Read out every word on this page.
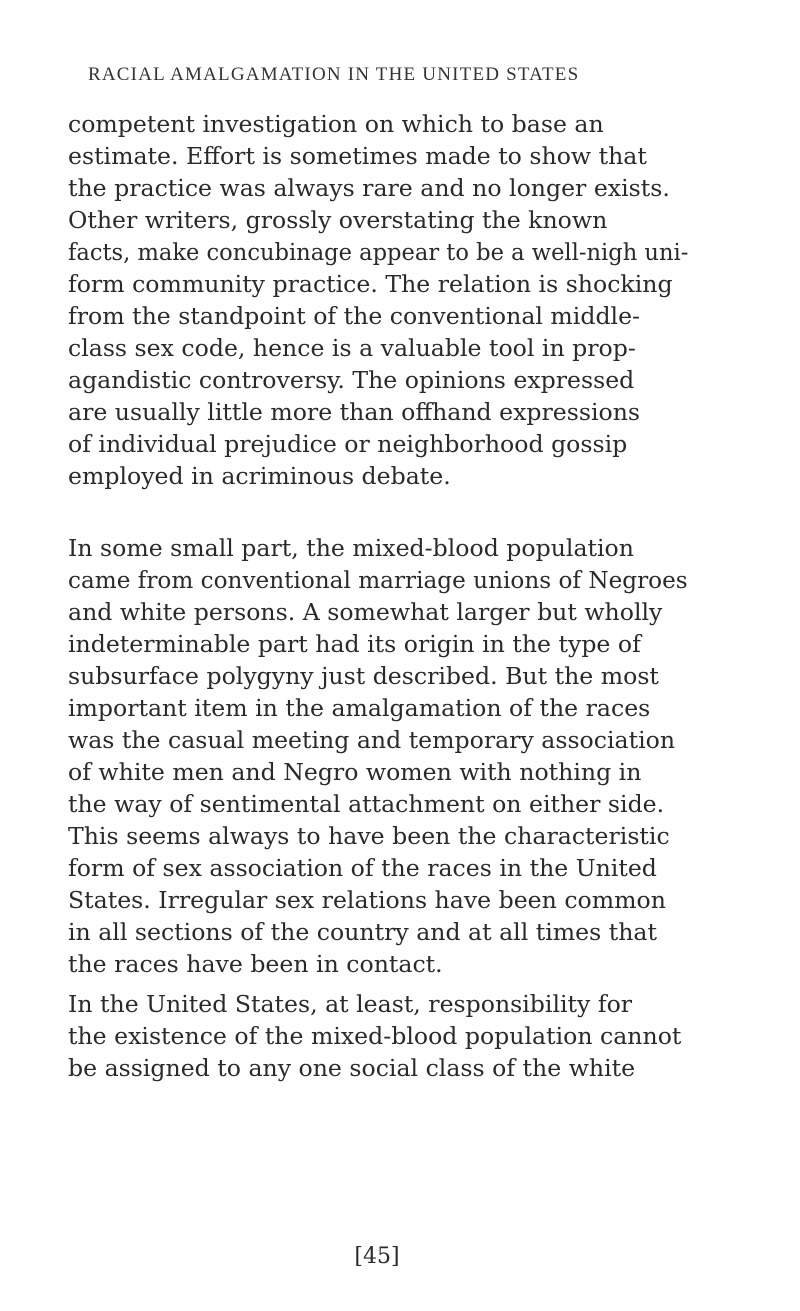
RACIAL AMALGAMATION IN THE UNITED STATES
competent investigation on which to base an
estimate. Effort is sometimes made to show that
the practice was always rare and no longer exists.
Other writers, grossly overstating the known
facts, make concubinage appear to be a well-nigh uni-
form community practice. The relation is shocking
from the standpoint of the conventional middle-
class sex code, hence is a valuable tool in prop-
agandistic controversy. The opinions expressed
are usually little more than offhand expressions
of individual prejudice or neighborhood gossip
employed in acriminous debate.
In some small part, the mixed-blood population
came from conventional marriage unions of Negroes
and white persons. A somewhat larger but wholly
indeterminable part had its origin in the type of
subsurface polygyny just described. But the most
important item in the amalgamation of the races
was the casual meeting and temporary association
of white men and Negro women with nothing in
the way of sentimental attachment on either side.
This seems always to have been the characteristic
form of sex association of the races in the United
States. Irregular sex relations have been common
in all sections of the country and at all times that
the races have been in contact.
In the United States, at least, responsibility for
the existence of the mixed-blood population cannot
be assigned to any one social class of the white
[45]
